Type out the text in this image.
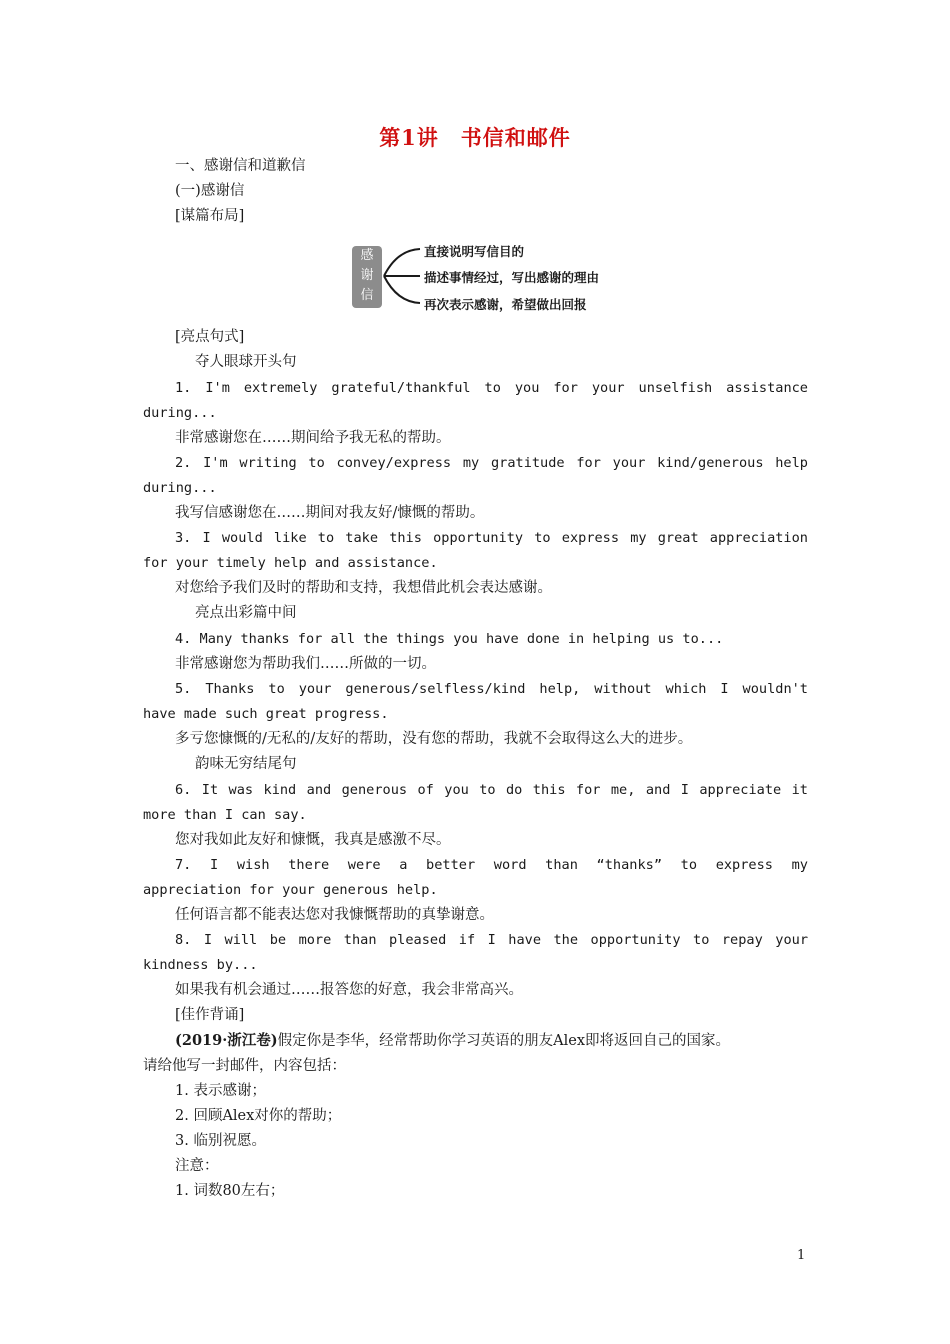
第1讲　书信和邮件
一、感谢信和道歉信
(一)感谢信
[谋篇布局]
感
谢
信
直接说明写信目的
描述事情经过，写出感谢的理由
再次表示感谢，希望做出回报
[亮点句式]
夺人眼球开头句
1. I'm extremely grateful/thankful to you for your unselfish assistance
during...
非常感谢您在……期间给予我无私的帮助。
2. I'm writing to convey/express my gratitude for your kind/generous help
during...
我写信感谢您在……期间对我友好/慷慨的帮助。
3. I would like to take this opportunity to express my great appreciation
for your timely help and assistance.
对您给予我们及时的帮助和支持，我想借此机会表达感谢。
亮点出彩篇中间
4. Many thanks for all the things you have done in helping us to...
非常感谢您为帮助我们……所做的一切。
5. Thanks to your generous/selfless/kind help, without which I wouldn't
have made such great progress.
多亏您慷慨的/无私的/友好的帮助，没有您的帮助，我就不会取得这么大的进步。
韵味无穷结尾句
6. It was kind and generous of you to do this for me, and I appreciate it
more than I can say.
您对我如此友好和慷慨，我真是感激不尽。
7. I wish there were a better word than “thanks” to express my
appreciation for your generous help.
任何语言都不能表达您对我慷慨帮助的真挚谢意。
8. I will be more than pleased if I have the opportunity to repay your
kindness by...
如果我有机会通过……报答您的好意，我会非常高兴。
[佳作背诵]
(2019·浙江卷)假定你是李华，经常帮助你学习英语的朋友Alex即将返回自己的国家。
请给他写一封邮件，内容包括：
1. 表示感谢；
2. 回顾Alex对你的帮助；
3. 临别祝愿。
注意：
1. 词数80左右；
1
